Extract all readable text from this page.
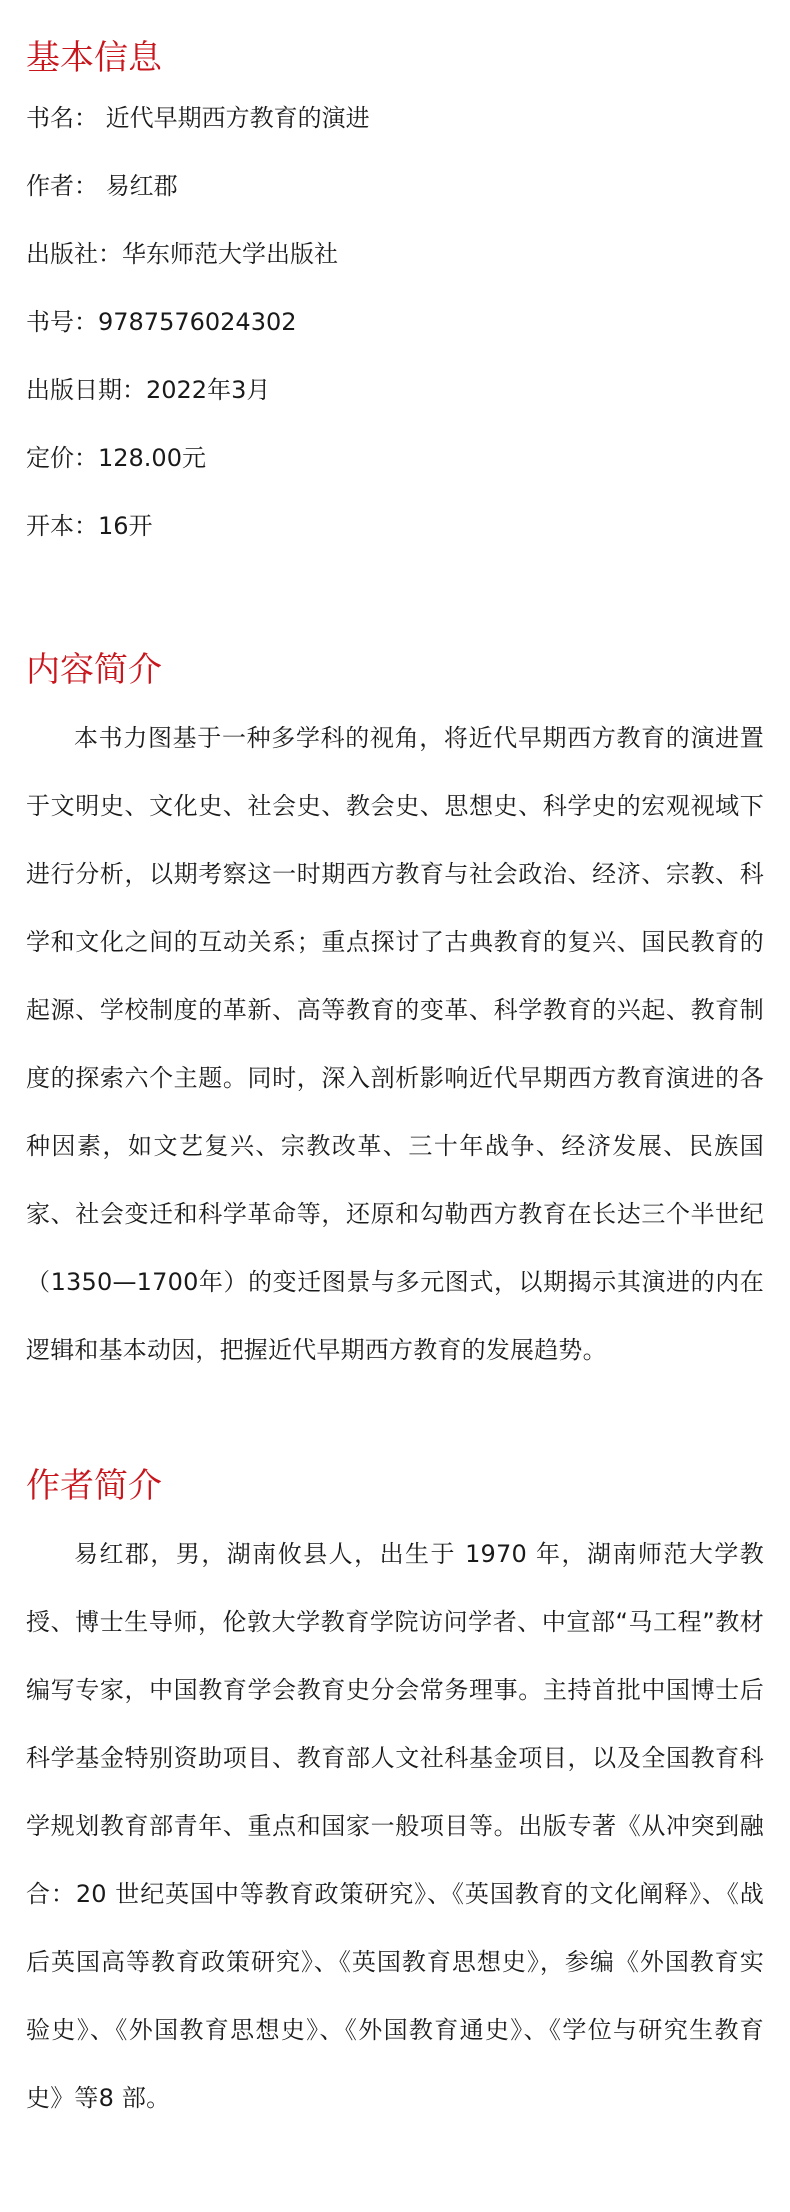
基本信息
书名： 近代早期西方教育的演进
作者： 易红郡
出版社：华东师范大学出版社
书号：9787576024302
出版日期：2022年3月
定价：128.00元
开本：16开
内容简介

本书力图基于一种多学科的视角，将近代早期西方教育的演进置于文明史、文化史、社会史、教会史、思想史、科学史的宏观视域下进行分析，以期考察这一时期西方教育与社会政治、经济、宗教、科学和文化之间的互动关系；重点探讨了古典教育的复兴、国民教育的起源、学校制度的革新、高等教育的变革、科学教育的兴起、教育制度的探索六个主题。同时，深入剖析影响近代早期西方教育演进的各种因素，如文艺复兴、宗教改革、三十年战争、经济发展、民族国家、社会变迁和科学革命等，还原和勾勒西方教育在长达三个半世纪（1350—1700年）的变迁图景与多元图式，以期揭示其演进的内在逻辑和基本动因，把握近代早期西方教育的发展趋势。

作者简介

易红郡，男，湖南攸县人，出生于 1970 年，湖南师范大学教授、博士生导师，伦敦大学教育学院访问学者、中宣部“马工程”教材编写专家，中国教育学会教育史分会常务理事。主持首批中国博士后科学基金特别资助项目、教育部人文社科基金项目，以及全国教育科学规划教育部青年、重点和国家一般项目等。出版专著《从冲突到融合：20 世纪英国中等教育政策研究》、《英国教育的文化阐释》、《战后英国高等教育政策研究》、《英国教育思想史》，参编《外国教育实验史》、《外国教育思想史》、《外国教育通史》、《学位与研究生教育史》等8 部。
